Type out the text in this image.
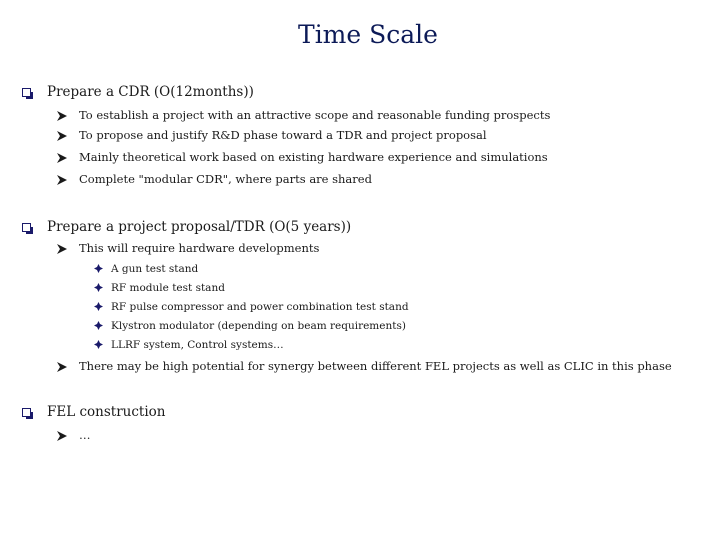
Time Scale
Prepare a CDR (O(12months))
To establish a project with an attractive scope and reasonable funding prospects
To propose and justify R&D phase toward a TDR and project proposal
Mainly theoretical work based on existing hardware experience and simulations
Complete "modular CDR", where parts are shared
Prepare a project proposal/TDR (O(5 years))
This will require hardware developments
A gun test stand
RF module test stand
RF pulse compressor and power combination test stand
Klystron modulator (depending on beam requirements)
LLRF system, Control systems…
There may be high potential for synergy between different FEL projects as well as CLIC in this phase
FEL construction
…
